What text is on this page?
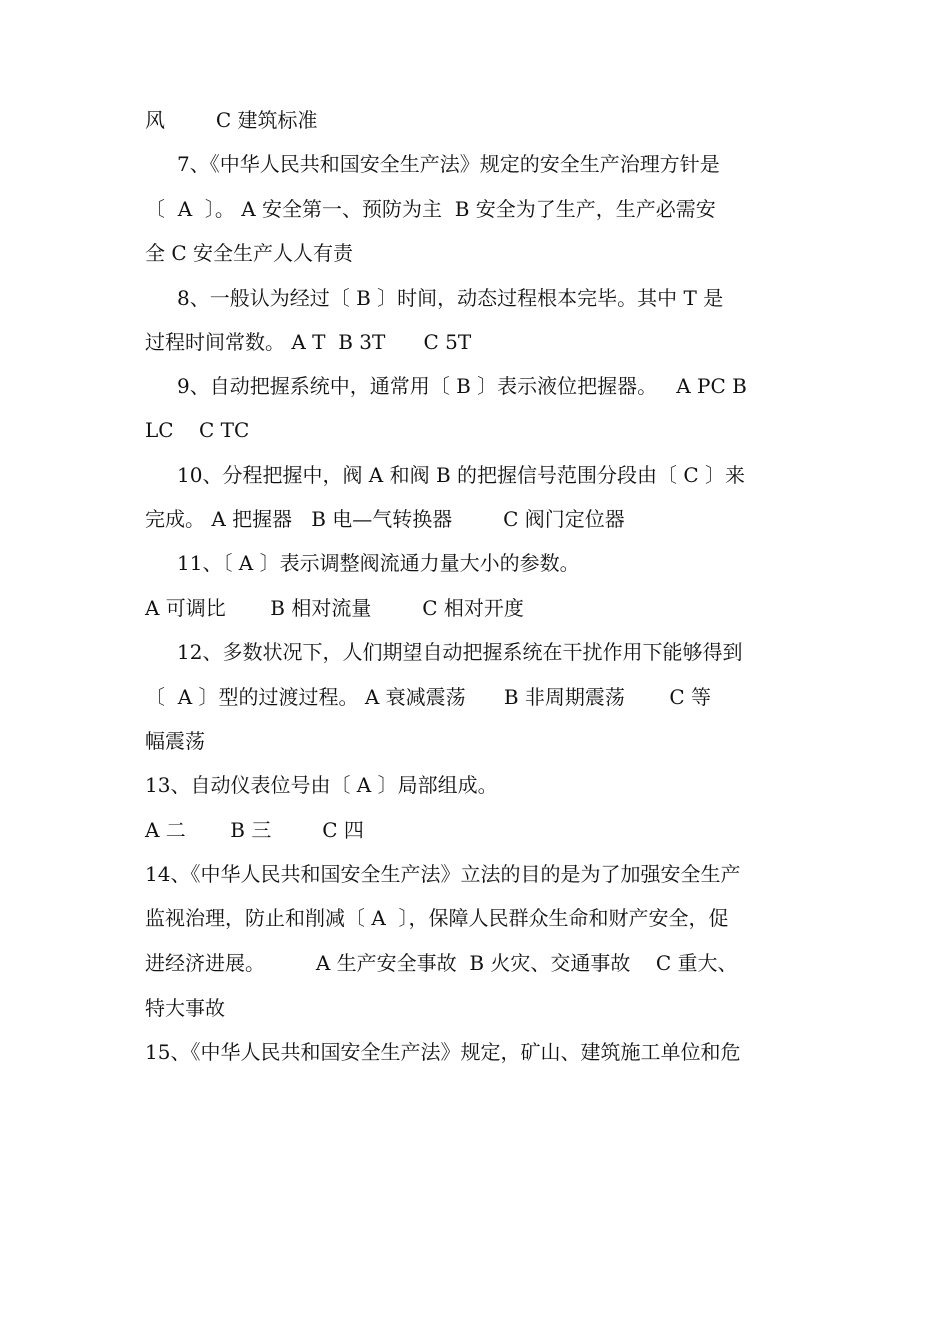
风        C 建筑标准
7、《中华人民共和国安全生产法》规定的安全生产治理方针是
〔  A  〕。 A 安全第一、预防为主  B 安全为了生产，生产必需安
全 C 安全生产人人有责
8、一般认为经过〔 B 〕时间，动态过程根本完毕。其中 T 是
过程时间常数。 A T  B 3T      C 5T
9、自动把握系统中，通常用〔 B 〕表示液位把握器。   A PC B
LC    C TC
10、分程把握中，阀 A 和阀 B 的把握信号范围分段由〔 C 〕来
完成。 A 把握器   B 电—气转换器        C 阀门定位器
11、〔 A 〕表示调整阀流通力量大小的参数。
A 可调比       B 相对流量        C 相对开度
12、多数状况下，人们期望自动把握系统在干扰作用下能够得到
〔  A 〕型的过渡过程。 A 衰减震荡      B 非周期震荡       C 等
幅震荡
13、自动仪表位号由〔 A 〕局部组成。
A 二       B 三        C 四
14、《中华人民共和国安全生产法》立法的目的是为了加强安全生产
监视治理，防止和削减〔 A  〕，保障人民群众生命和财产安全，促
进经济进展。        A 生产安全事故  B 火灾、交通事故    C 重大、
特大事故
15、《中华人民共和国安全生产法》规定，矿山、建筑施工单位和危
